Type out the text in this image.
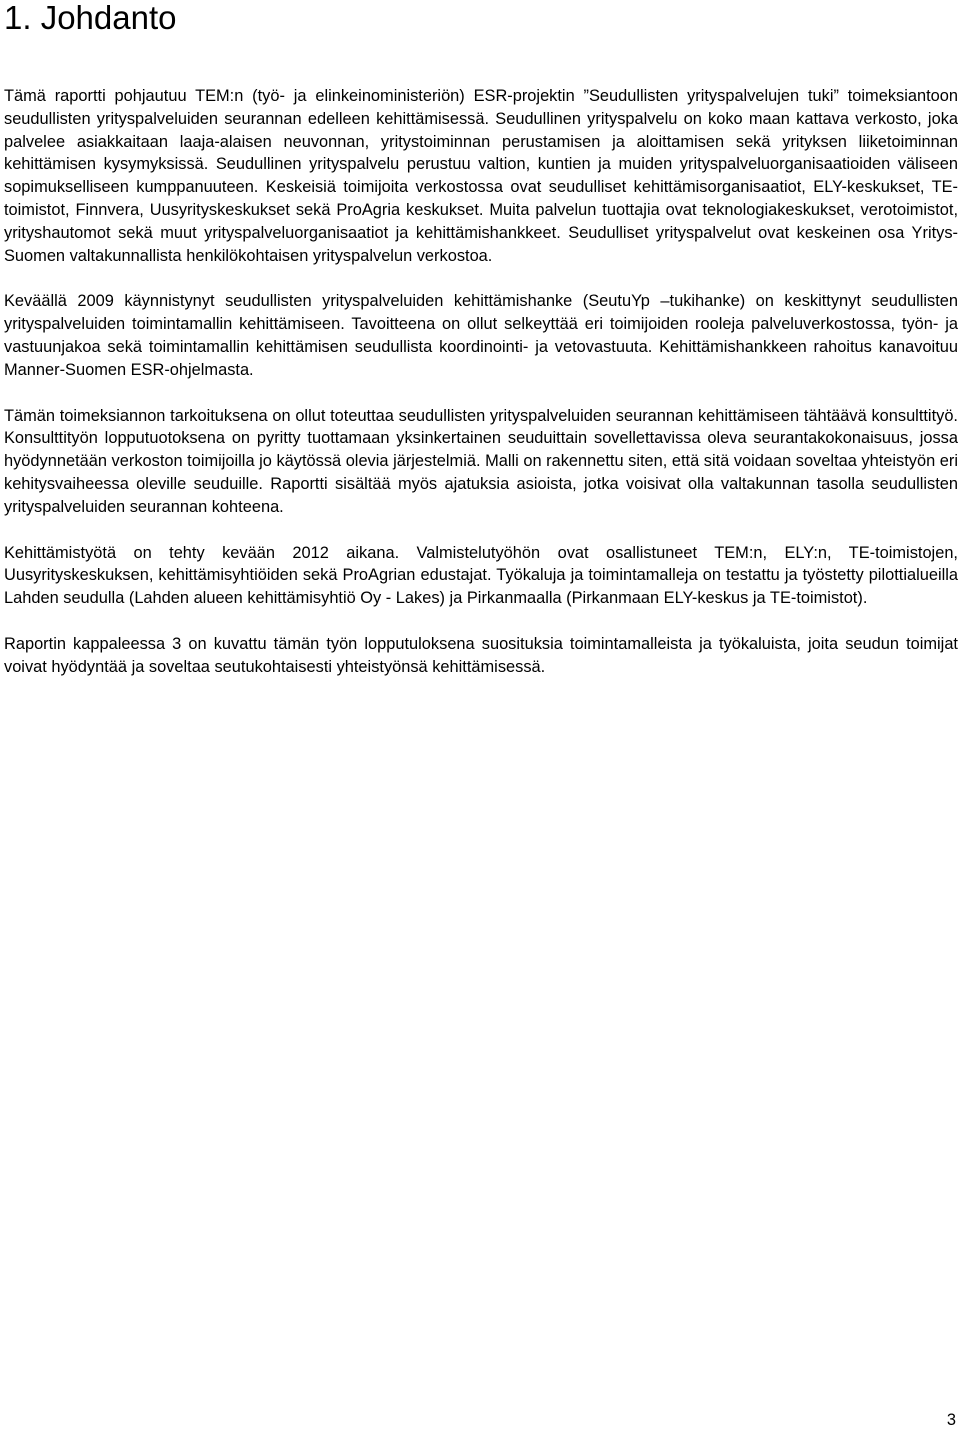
1. Johdanto

Tämä raportti pohjautuu TEM:n (työ- ja elinkeinoministeriön) ESR-projektin ”Seudullisten yrityspalvelujen tuki” toimeksiantoon seudullisten yrityspalveluiden seurannan edelleen kehittämisessä. Seudullinen yrityspalvelu on koko maan kattava verkosto, joka palvelee asiakkaitaan laaja-alaisen neuvonnan, yritystoiminnan perustamisen ja aloittamisen sekä yrityksen liiketoiminnan kehittämisen kysymyksissä. Seudullinen yrityspalvelu perustuu valtion, kuntien ja muiden yrityspalveluorganisaatioiden väliseen sopimukselliseen kumppanuuteen. Keskeisiä toimijoita verkostossa ovat seudulliset kehittämisorganisaatiot, ELY-keskukset, TE-toimistot, Finnvera, Uusyrityskeskukset sekä ProAgria keskukset. Muita palvelun tuottajia ovat teknologiakeskukset, verotoimistot, yrityshautomot sekä muut yrityspalveluorganisaatiot ja kehittämishankkeet. Seudulliset yrityspalvelut ovat keskeinen osa Yritys-Suomen valtakunnallista henkilökohtaisen yrityspalvelun verkostoa.

Keväällä 2009 käynnistynyt seudullisten yrityspalveluiden kehittämishanke (SeutuYp –tukihanke) on keskittynyt seudullisten yrityspalveluiden toimintamallin kehittämiseen. Tavoitteena on ollut selkeyttää eri toimijoiden rooleja palveluverkostossa, työn- ja vastuunjakoa sekä toimintamallin kehittämisen seudullista koordinointi- ja vetovastuuta. Kehittämishankkeen rahoitus kanavoituu Manner-Suomen ESR-ohjelmasta.

Tämän toimeksiannon tarkoituksena on ollut toteuttaa seudullisten yrityspalveluiden seurannan kehittämiseen tähtäävä konsulttityö. Konsulttityön lopputuotoksena on pyritty tuottamaan yksinkertainen seuduittain sovellettavissa oleva seurantakokonaisuus, jossa hyödynnetään verkoston toimijoilla jo käytössä olevia järjestelmiä. Malli on rakennettu siten, että sitä voidaan soveltaa yhteistyön eri kehitysvaiheessa oleville seuduille. Raportti sisältää myös ajatuksia asioista, jotka voisivat olla valtakunnan tasolla seudullisten yrityspalveluiden seurannan kohteena.

Kehittämistyötä on tehty kevään 2012 aikana. Valmistelutyöhön ovat osallistuneet TEM:n, ELY:n, TE-toimistojen, Uusyrityskeskuksen, kehittämisyhtiöiden sekä ProAgrian edustajat. Työkaluja ja toimintamalleja on testattu ja työstetty pilottialueilla Lahden seudulla (Lahden alueen kehittämisyhtiö Oy - Lakes) ja Pirkanmaalla (Pirkanmaan ELY-keskus ja TE-toimistot).

Raportin kappaleessa 3 on kuvattu tämän työn lopputuloksena suosituksia toimintamalleista ja työkaluista, joita seudun toimijat voivat hyödyntää ja soveltaa seutukohtaisesti yhteistyönsä kehittämisessä.

3
